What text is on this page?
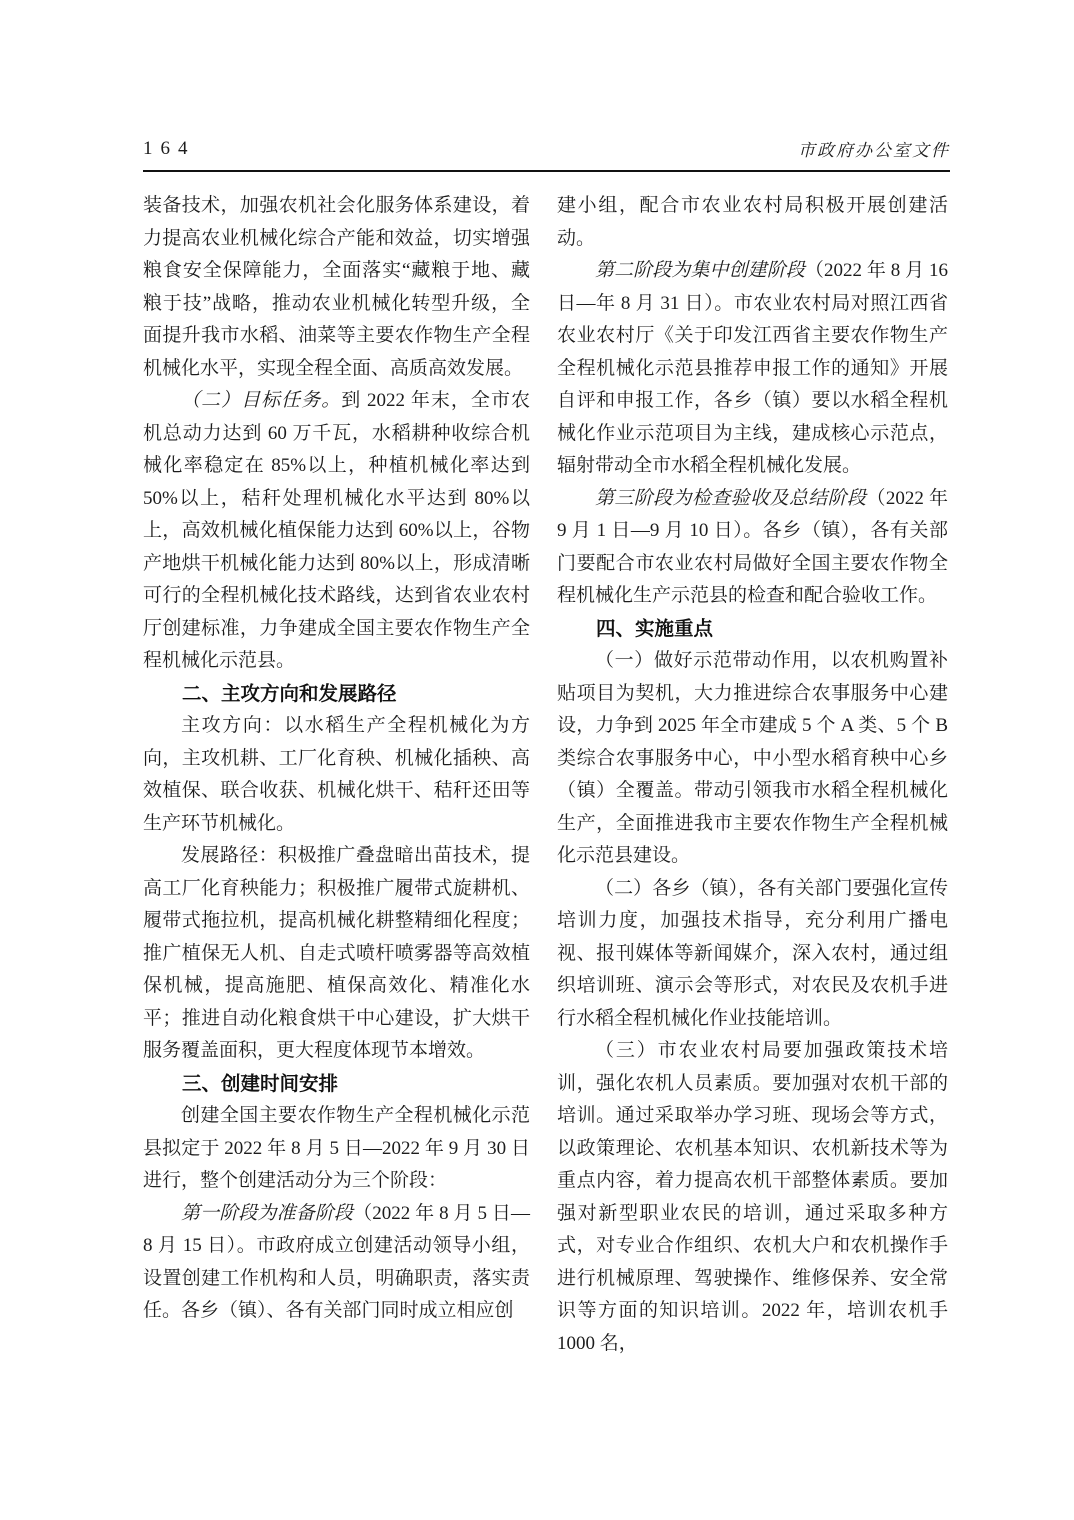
164	市政府办公室文件

装备技术，加强农机社会化服务体系建设，着力提高农业机械化综合产能和效益，切实增强粮食安全保障能力，全面落实“藏粮于地、藏粮于技”战略，推动农业机械化转型升级，全面提升我市水稻、油菜等主要农作物生产全程机械化水平，实现全程全面、高质高效发展。

（二）目标任务。到 2022 年末，全市农机总动力达到 60 万千瓦，水稻耕种收综合机械化率稳定在 85%以上，种植机械化率达到 50%以上，秸秆处理机械化水平达到 80%以上，高效机械化植保能力达到 60%以上，谷物产地烘干机械化能力达到 80%以上，形成清晰可行的全程机械化技术路线，达到省农业农村厅创建标准，力争建成全国主要农作物生产全程机械化示范县。

二、主攻方向和发展路径

主攻方向：以水稻生产全程机械化为方向，主攻机耕、工厂化育秧、机械化插秧、高效植保、联合收获、机械化烘干、秸秆还田等生产环节机械化。

发展路径：积极推广叠盘暗出苗技术，提高工厂化育秧能力；积极推广履带式旋耕机、履带式拖拉机，提高机械化耕整精细化程度；推广植保无人机、自走式喷杆喷雾器等高效植保机械，提高施肥、植保高效化、精准化水平；推进自动化粮食烘干中心建设，扩大烘干服务覆盖面积，更大程度体现节本增效。

三、创建时间安排

创建全国主要农作物生产全程机械化示范县拟定于 2022 年 8 月 5 日—2022 年 9 月 30 日进行，整个创建活动分为三个阶段：

第一阶段为准备阶段（2022 年 8 月 5 日—8 月 15 日）。市政府成立创建活动领导小组，设置创建工作机构和人员，明确职责，落实责任。各乡（镇）、各有关部门同时成立相应创

建小组，配合市农业农村局积极开展创建活动。

第二阶段为集中创建阶段（2022 年 8 月 16 日—年 8 月 31 日）。市农业农村局对照江西省农业农村厅《关于印发江西省主要农作物生产全程机械化示范县推荐申报工作的通知》开展自评和申报工作，各乡（镇）要以水稻全程机械化作业示范项目为主线，建成核心示范点，辐射带动全市水稻全程机械化发展。

第三阶段为检查验收及总结阶段（2022 年 9 月 1 日—9 月 10 日）。各乡（镇），各有关部门要配合市农业农村局做好全国主要农作物全程机械化生产示范县的检查和配合验收工作。

四、实施重点

（一）做好示范带动作用，以农机购置补贴项目为契机，大力推进综合农事服务中心建设，力争到 2025 年全市建成 5 个 A 类、5 个 B 类综合农事服务中心，中小型水稻育秧中心乡（镇）全覆盖。带动引领我市水稻全程机械化生产，全面推进我市主要农作物生产全程机械化示范县建设。

（二）各乡（镇），各有关部门要强化宣传培训力度，加强技术指导，充分利用广播电视、报刊媒体等新闻媒介，深入农村，通过组织培训班、演示会等形式，对农民及农机手进行水稻全程机械化作业技能培训。

（三）市农业农村局要加强政策技术培训，强化农机人员素质。要加强对农机干部的培训。通过采取举办学习班、现场会等方式，以政策理论、农机基本知识、农机新技术等为重点内容，着力提高农机干部整体素质。要加强对新型职业农民的培训，通过采取多种方式，对专业合作组织、农机大户和农机操作手进行机械原理、驾驶操作、维修保养、安全常识等方面的知识培训。2022 年，培训农机手 1000 名，
